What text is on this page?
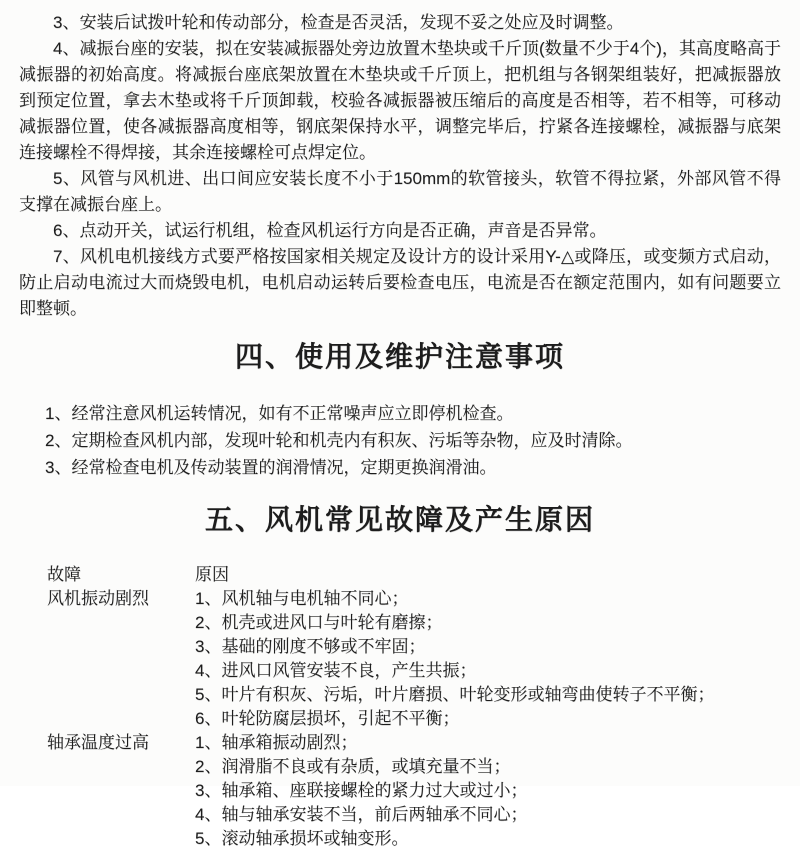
3、安装后试拨叶轮和传动部分，检查是否灵活，发现不妥之处应及时调整。

4、减振台座的安装，拟在安装减振器处旁边放置木垫块或千斤顶(数量不少于4个)，其高度略高于减振器的初始高度。将减振台座底架放置在木垫块或千斤顶上，把机组与各钢架组装好，把减振器放到预定位置，拿去木垫或将千斤顶卸载，校验各减振器被压缩后的高度是否相等，若不相等，可移动减振器位置，使各减振器高度相等，钢底架保持水平，调整完毕后，拧紧各连接螺栓，减振器与底架连接螺栓不得焊接，其余连接螺栓可点焊定位。

5、风管与风机进、出口间应安装长度不小于150mm的软管接头，软管不得拉紧，外部风管不得支撑在减振台座上。

6、点动开关，试运行机组，检查风机运行方向是否正确，声音是否异常。

7、风机电机接线方式要严格按国家相关规定及设计方的设计采用Y-△或降压，或变频方式启动，防止启动电流过大而烧毁电机，电机启动运转后要检查电压，电流是否在额定范围内，如有问题要立即整顿。

四、使用及维护注意事项

1、经常注意风机运转情况，如有不正常噪声应立即停机检查。

2、定期检查风机内部，发现叶轮和机壳内有积灰、污垢等杂物，应及时清除。

3、经常检查电机及传动装置的润滑情况，定期更换润滑油。

五、风机常见故障及产生原因
故障	原因
风机振动剧烈	1、风机轴与电机轴不同心；

2、机壳或进风口与叶轮有磨擦；

3、基础的刚度不够或不牢固；

4、进风口风管安装不良，产生共振；

5、叶片有积灰、污垢，叶片磨损、叶轮变形或轴弯曲使转子不平衡；

6、叶轮防腐层损坏，引起不平衡；

轴承温度过高	1、轴承箱振动剧烈；

2、润滑脂不良或有杂质，或填充量不当；

3、轴承箱、座联接螺栓的紧力过大或过小；

4、轴与轴承安装不当，前后两轴承不同心；

5、滚动轴承损坏或轴变形。
